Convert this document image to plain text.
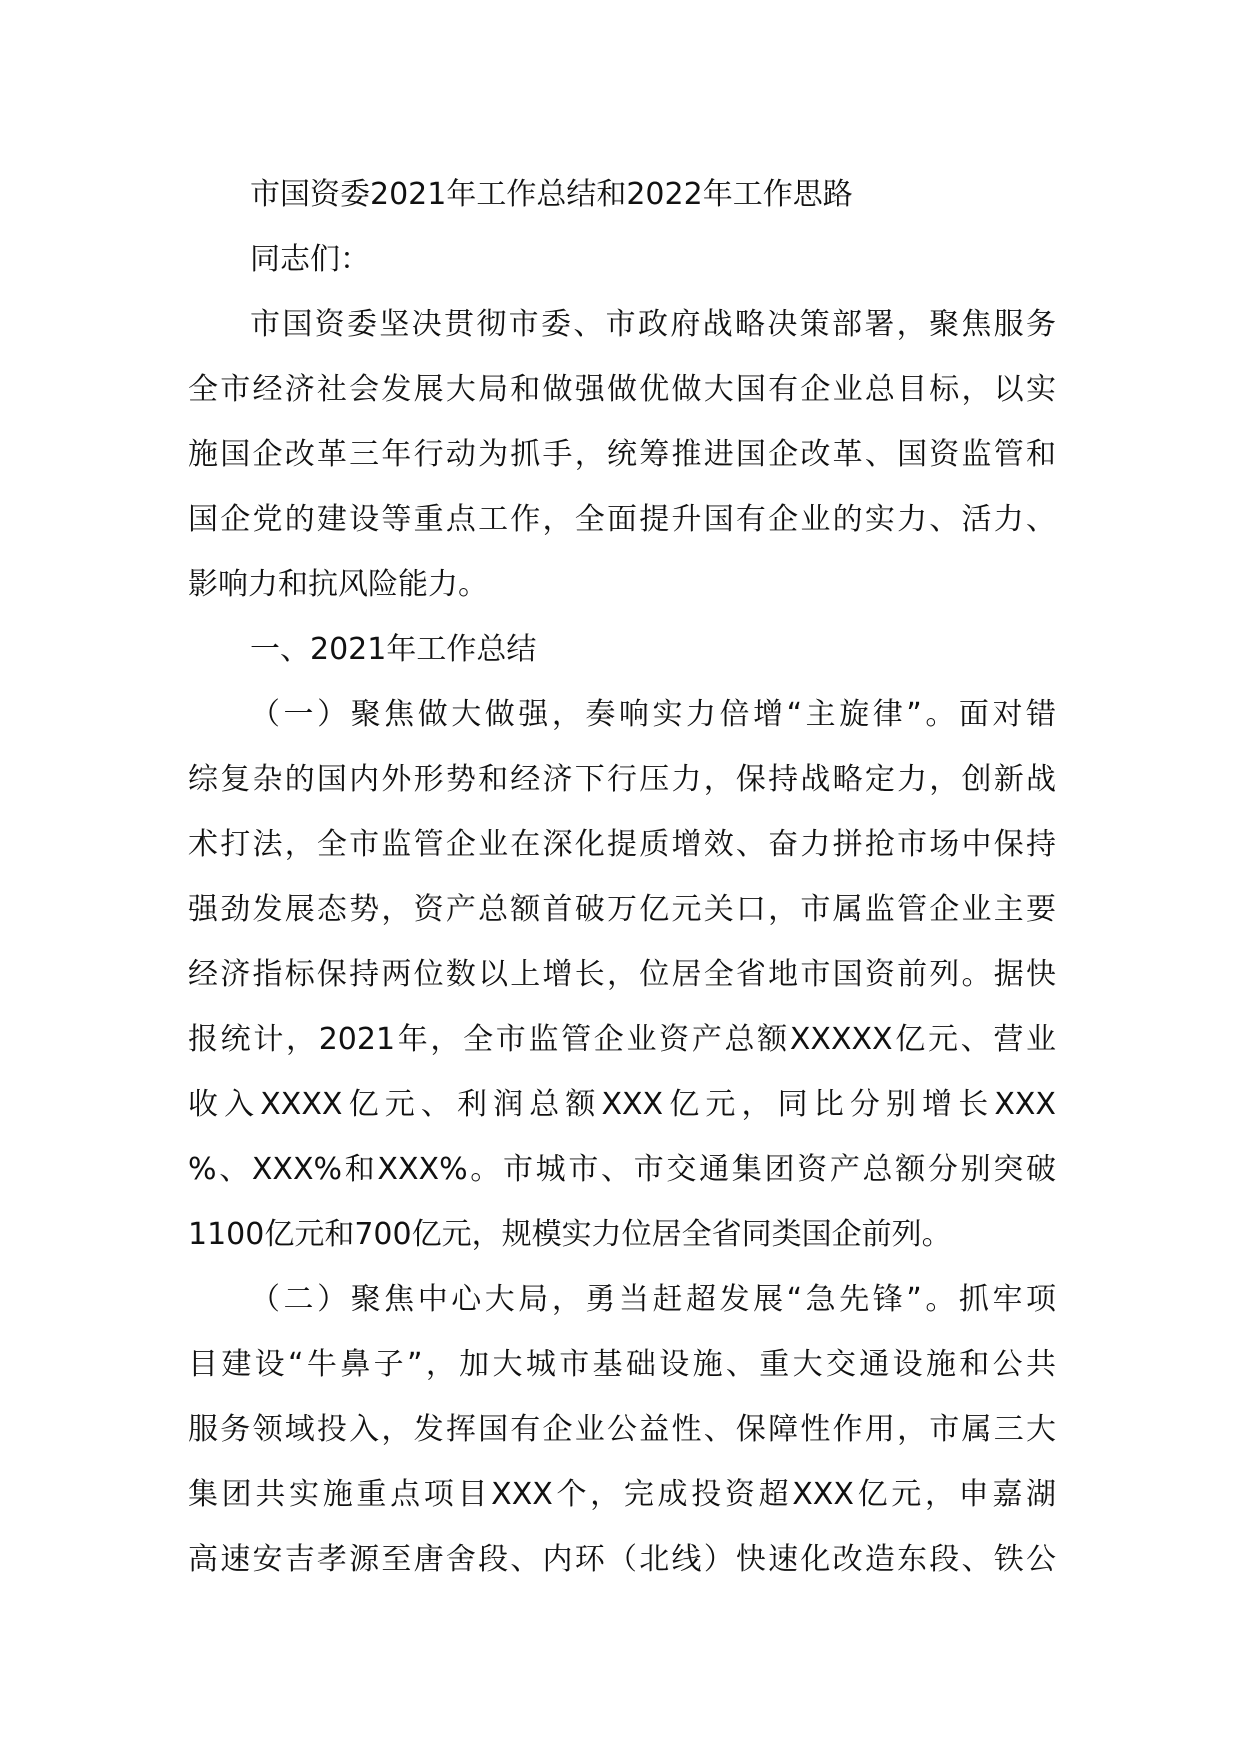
市国资委2021年工作总结和2022年工作思路
同志们：
市国资委坚决贯彻市委、市政府战略决策部署，聚焦服务
全市经济社会发展大局和做强做优做大国有企业总目标，以实
施国企改革三年行动为抓手，统筹推进国企改革、国资监管和
国企党的建设等重点工作，全面提升国有企业的实力、活力、
影响力和抗风险能力。
一、2021年工作总结
（一）聚焦做大做强，奏响实力倍增“主旋律”。面对错
综复杂的国内外形势和经济下行压力，保持战略定力，创新战
术打法，全市监管企业在深化提质增效、奋力拼抢市场中保持
强劲发展态势，资产总额首破万亿元关口，市属监管企业主要
经济指标保持两位数以上增长，位居全省地市国资前列。据快
报统计，2021年，全市监管企业资产总额XXXXX亿元、营业
收入XXXX亿元、利润总额XXX亿元，同比分别增长XXX
%、XXX%和XXX%。市城市、市交通集团资产总额分别突破
1100亿元和700亿元，规模实力位居全省同类国企前列。
（二）聚焦中心大局，勇当赶超发展“急先锋”。抓牢项
目建设“牛鼻子”，加大城市基础设施、重大交通设施和公共
服务领域投入，发挥国有企业公益性、保障性作用，市属三大
集团共实施重点项目XXX个，完成投资超XXX亿元，申嘉湖
高速安吉孝源至唐舍段、内环（北线）快速化改造东段、铁公
